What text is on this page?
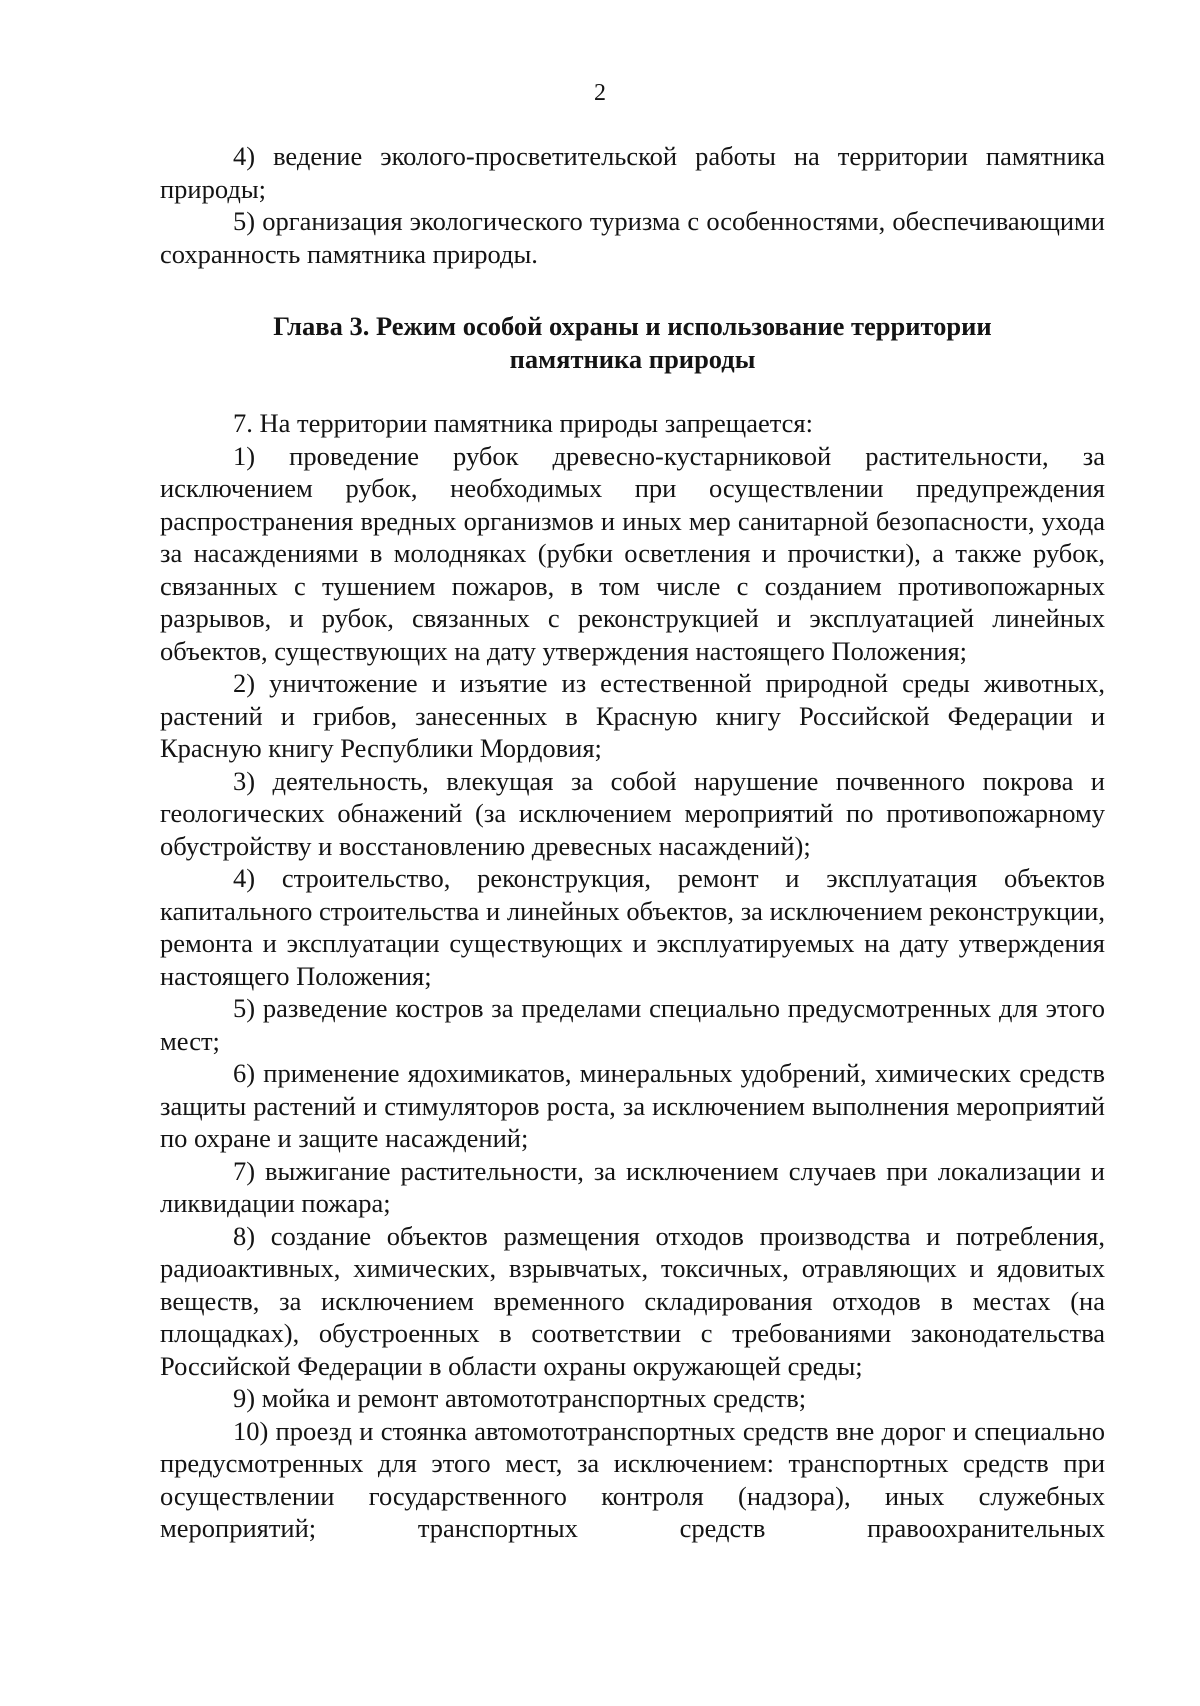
2

4) ведение эколого-просветительской работы на территории памятника природы;

5) организация экологического туризма с особенностями, обеспечивающими сохранность памятника природы.

Глава 3. Режим особой охраны и использование территории
памятника природы

7. На территории памятника природы запрещается:

1) проведение рубок древесно-кустарниковой растительности, за исключением рубок, необходимых при осуществлении предупреждения распространения вредных организмов и иных мер санитарной безопасности, ухода за насаждениями в молодняках (рубки осветления и прочистки), а также рубок, связанных с тушением пожаров, в том числе с созданием противопожарных разрывов, и рубок, связанных с реконструкцией и эксплуатацией линейных объектов, существующих на дату утверждения настоящего Положения;

2) уничтожение и изъятие из естественной природной среды животных, растений и грибов, занесенных в Красную книгу Российской Федерации и Красную книгу Республики Мордовия;

3) деятельность, влекущая за собой нарушение почвенного покрова и геологических обнажений (за исключением мероприятий по противопожарному обустройству и восстановлению древесных насаждений);

4) строительство, реконструкция, ремонт и эксплуатация объектов капитального строительства и линейных объектов, за исключением реконструкции, ремонта и эксплуатации существующих и эксплуатируемых на дату утверждения настоящего Положения;

5) разведение костров за пределами специально предусмотренных для этого мест;

6) применение ядохимикатов, минеральных удобрений, химических средств защиты растений и стимуляторов роста, за исключением выполнения мероприятий по охране и защите насаждений;

7) выжигание растительности, за исключением случаев при локализации и ликвидации пожара;

8) создание объектов размещения отходов производства и потребления, радиоактивных, химических, взрывчатых, токсичных, отравляющих и ядовитых веществ, за исключением временного складирования отходов в местах (на площадках), обустроенных в соответствии с требованиями законодательства Российской Федерации в области охраны окружающей среды;

9) мойка и ремонт автомототранспортных средств;

10) проезд и стоянка автомототранспортных средств вне дорог и специально предусмотренных для этого мест, за исключением: транспортных средств при осуществлении государственного контроля (надзора), иных служебных мероприятий; транспортных средств правоохранительных
